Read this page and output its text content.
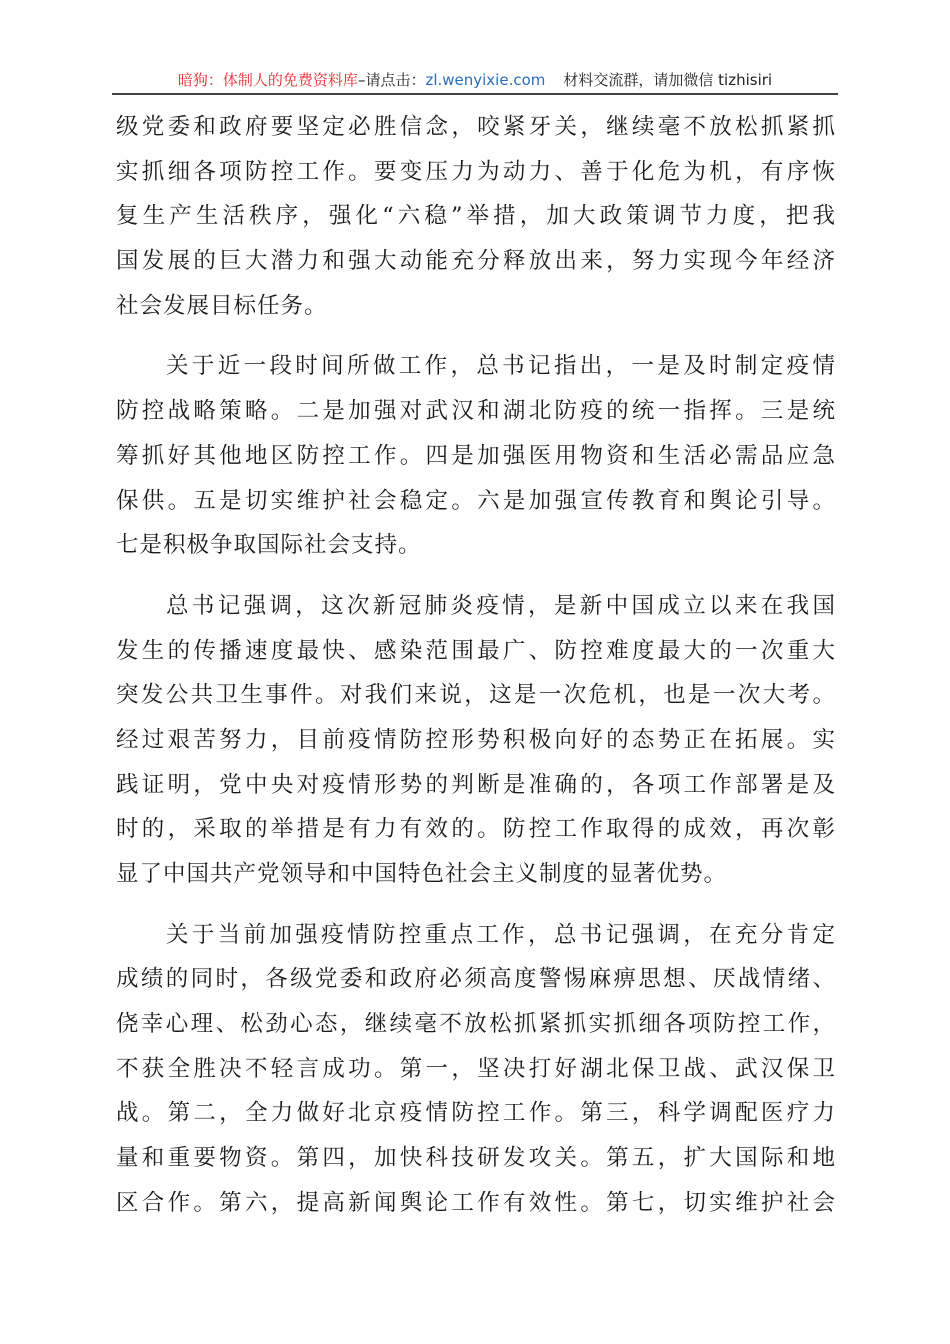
暗狗：体制人的免费资料库–请点击：zl.wenyixie.com 材料交流群，请加微信 tizhisiri
级党委和政府要坚定必胜信念，咬紧牙关，继续毫不放松抓紧抓
实抓细各项防控工作。要变压力为动力、善于化危为机，有序恢
复生产生活秩序，强化“六稳”举措，加大政策调节力度，把我
国发展的巨大潜力和强大动能充分释放出来，努力实现今年经济
社会发展目标任务。
关于近一段时间所做工作，总书记指出，一是及时制定疫情
防控战略策略。二是加强对武汉和湖北防疫的统一指挥。三是统
筹抓好其他地区防控工作。四是加强医用物资和生活必需品应急
保供。五是切实维护社会稳定。六是加强宣传教育和舆论引导。
七是积极争取国际社会支持。
总书记强调，这次新冠肺炎疫情，是新中国成立以来在我国
发生的传播速度最快、感染范围最广、防控难度最大的一次重大
突发公共卫生事件。对我们来说，这是一次危机，也是一次大考。
经过艰苦努力，目前疫情防控形势积极向好的态势正在拓展。实
践证明，党中央对疫情形势的判断是准确的，各项工作部署是及
时的，采取的举措是有力有效的。防控工作取得的成效，再次彰
显了中国共产党领导和中国特色社会主义制度的显著优势。
关于当前加强疫情防控重点工作，总书记强调，在充分肯定
成绩的同时，各级党委和政府必须高度警惕麻痹思想、厌战情绪、
侥幸心理、松劲心态，继续毫不放松抓紧抓实抓细各项防控工作，
不获全胜决不轻言成功。第一，坚决打好湖北保卫战、武汉保卫
战。第二，全力做好北京疫情防控工作。第三，科学调配医疗力
量和重要物资。第四，加快科技研发攻关。第五，扩大国际和地
区合作。第六，提高新闻舆论工作有效性。第七，切实维护社会
